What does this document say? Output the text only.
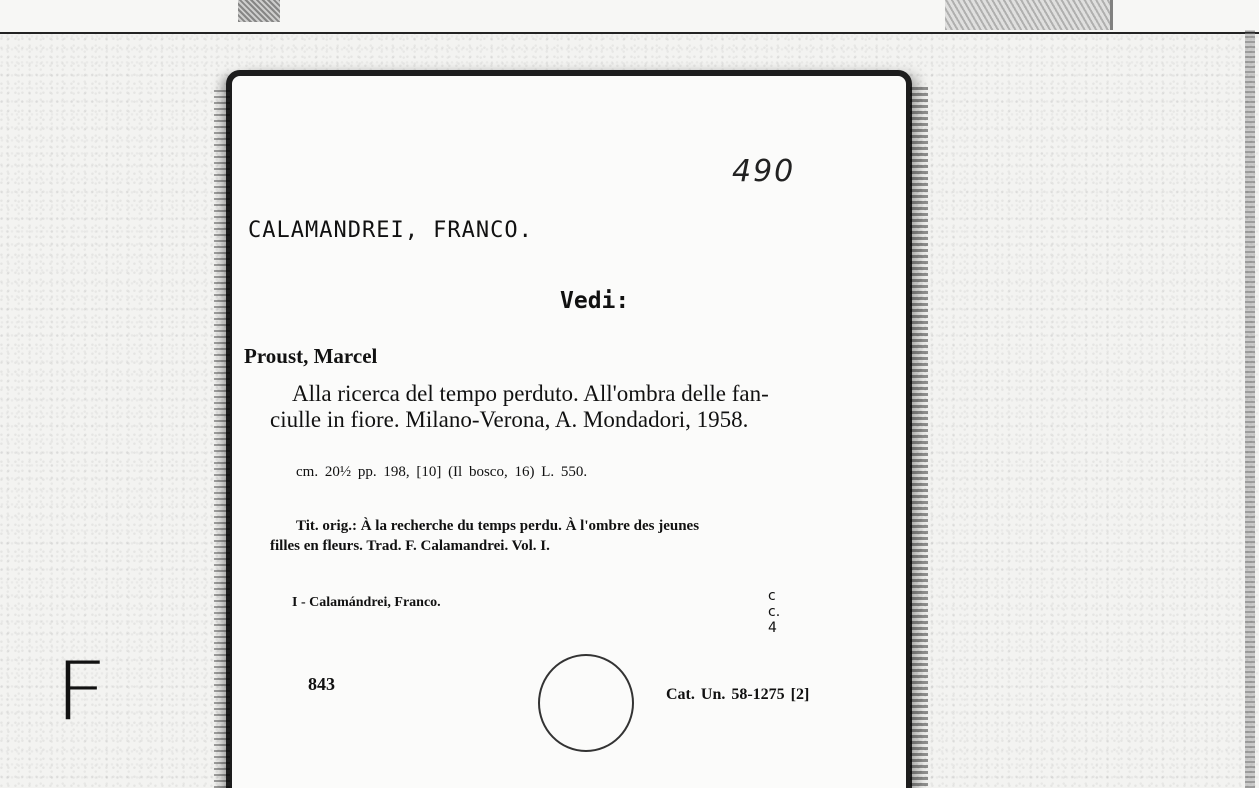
F
490
CALAMANDREI, FRANCO.
Vedi:
Proust, Marcel
Alla ricerca del tempo perduto. All'ombra delle fan-
ciulle in fiore. Milano-Verona, A. Mondadori, 1958.
cm. 20½ pp. 198, [10] (Il bosco, 16) L. 550.
Tit. orig.: À la recherche du temps perdu. À l'ombre des jeunes
filles en fleurs. Trad. F. Calamandrei. Vol. I.
I - Calamándrei, Franco.	c c. 4
843
Cat. Un. 58-1275 [2]
